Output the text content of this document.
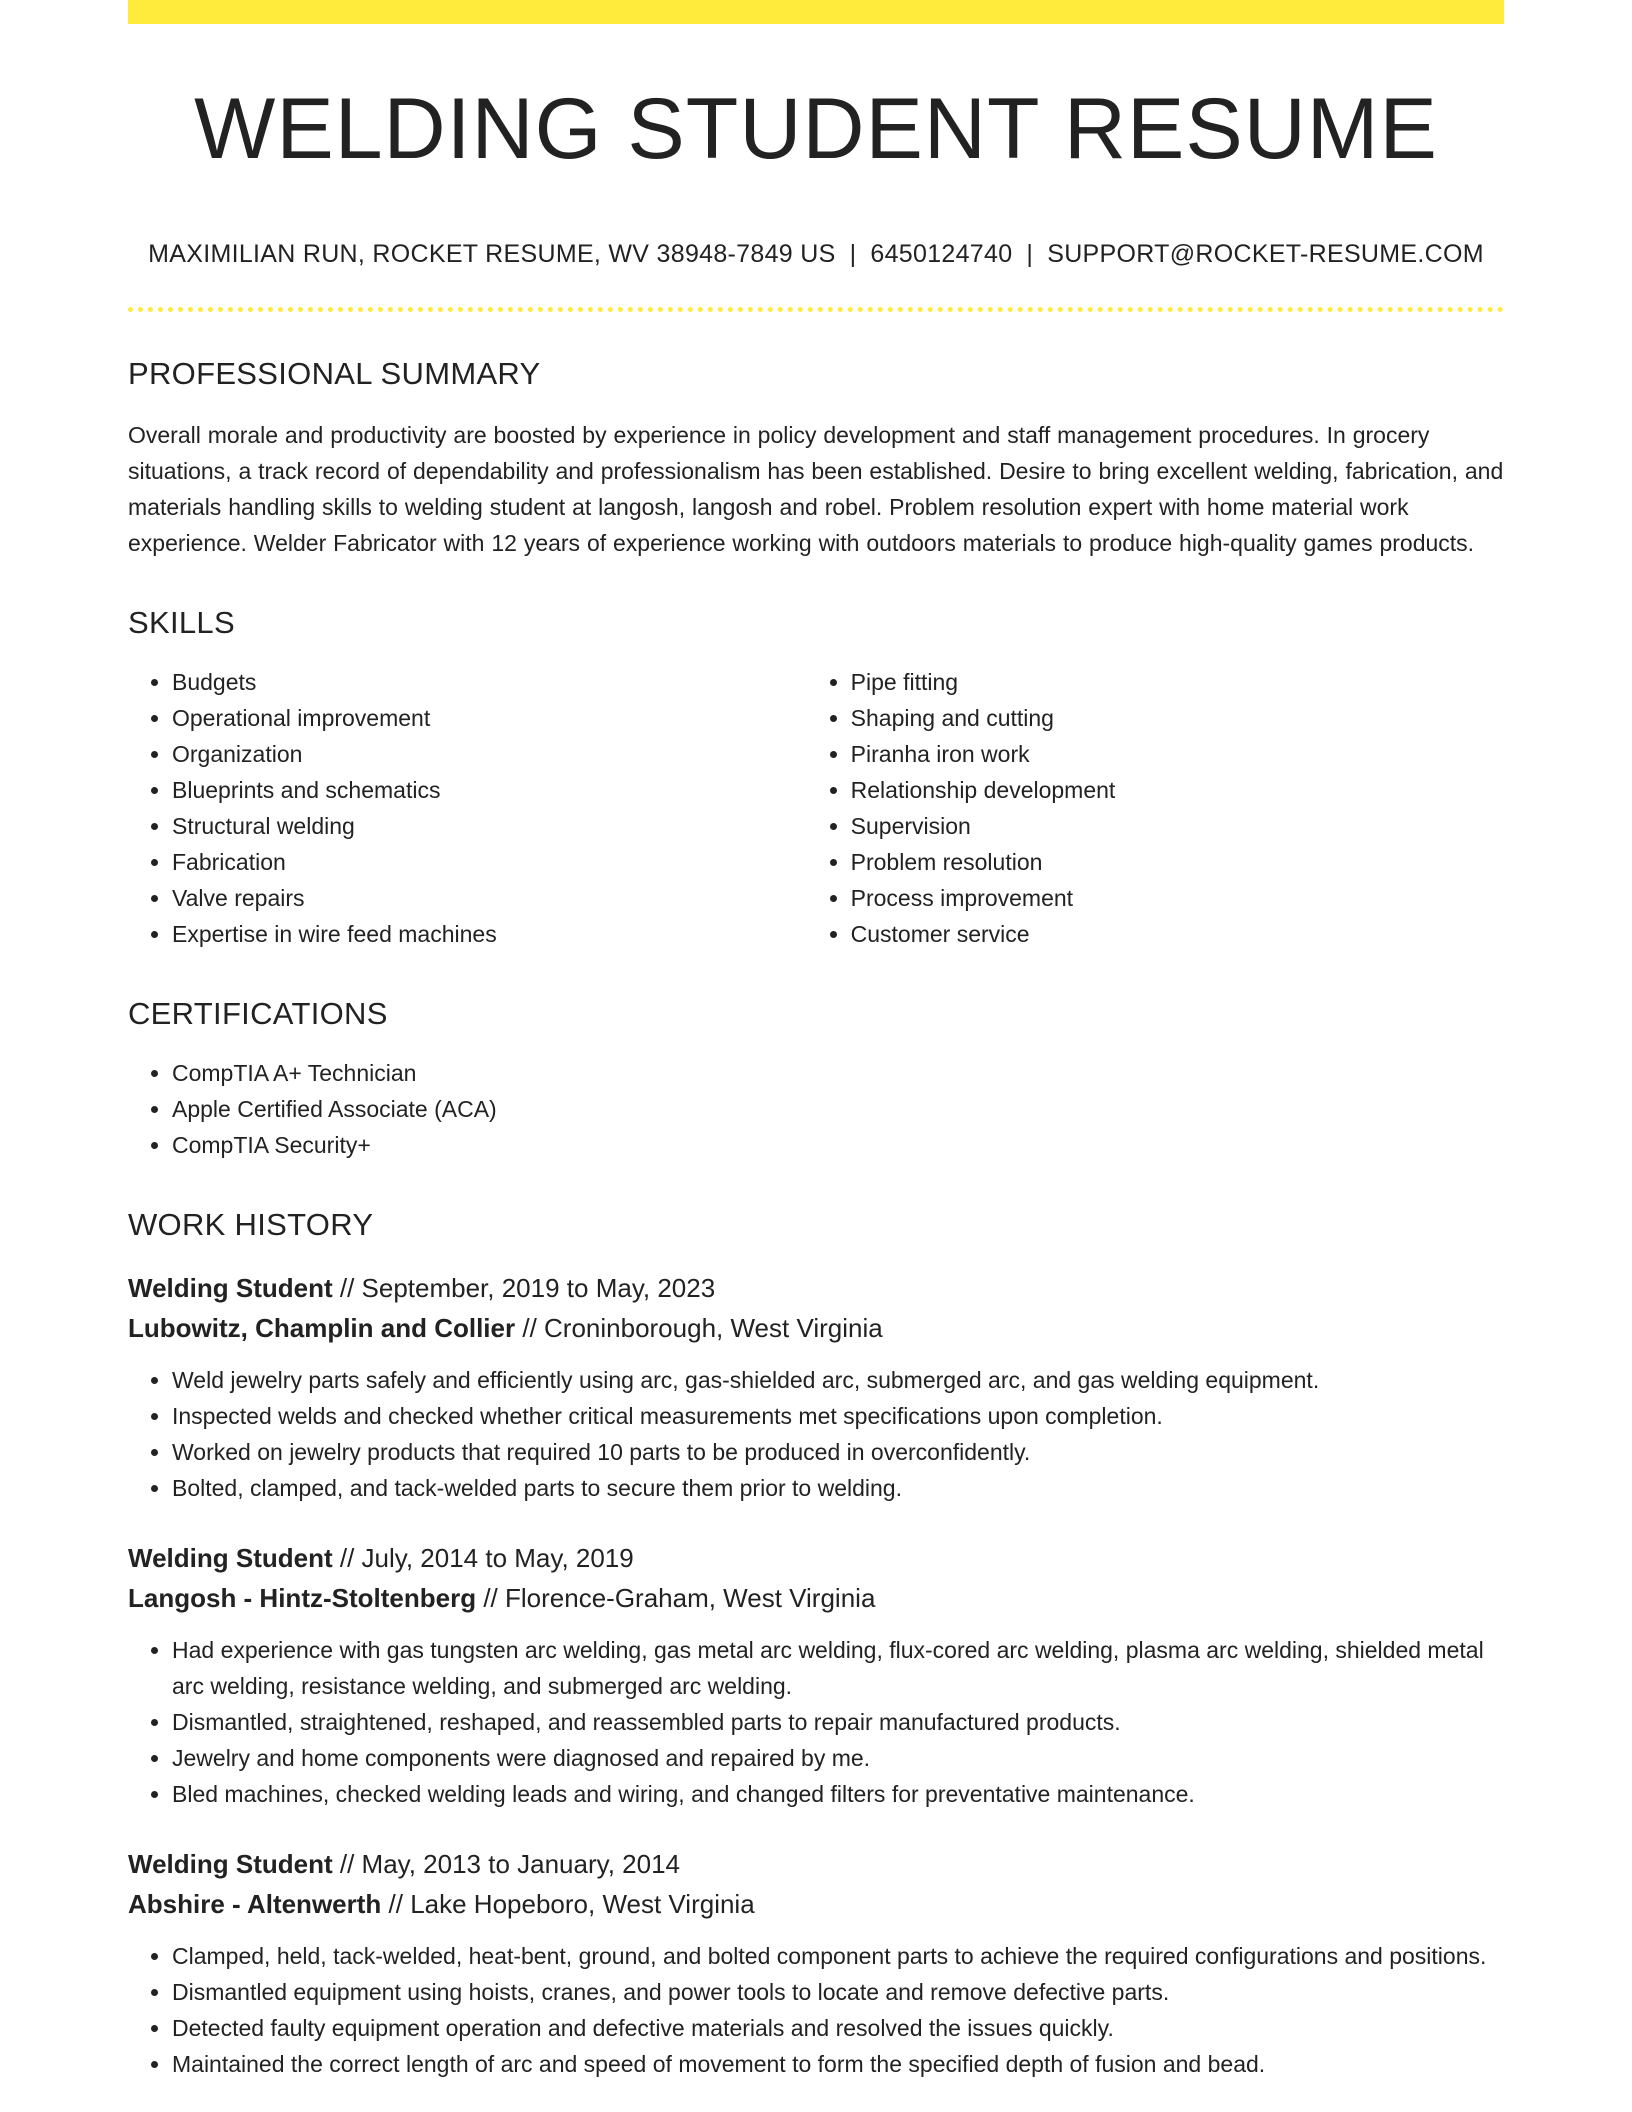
WELDING STUDENT RESUME
MAXIMILIAN RUN, ROCKET RESUME, WV 38948-7849 US | 6450124740 | SUPPORT@ROCKET-RESUME.COM
PROFESSIONAL SUMMARY
Overall morale and productivity are boosted by experience in policy development and staff management procedures. In grocery situations, a track record of dependability and professionalism has been established. Desire to bring excellent welding, fabrication, and materials handling skills to welding student at langosh, langosh and robel. Problem resolution expert with home material work experience. Welder Fabricator with 12 years of experience working with outdoors materials to produce high-quality games products.
SKILLS
• Budgets
• Operational improvement
• Organization
• Blueprints and schematics
• Structural welding
• Fabrication
• Valve repairs
• Expertise in wire feed machines
• Pipe fitting
• Shaping and cutting
• Piranha iron work
• Relationship development
• Supervision
• Problem resolution
• Process improvement
• Customer service
CERTIFICATIONS
• CompTIA A+ Technician
• Apple Certified Associate (ACA)
• CompTIA Security+
WORK HISTORY
Welding Student // September, 2019 to May, 2023
Lubowitz, Champlin and Collier // Croninborough, West Virginia
• Weld jewelry parts safely and efficiently using arc, gas-shielded arc, submerged arc, and gas welding equipment.
• Inspected welds and checked whether critical measurements met specifications upon completion.
• Worked on jewelry products that required 10 parts to be produced in overconfidently.
• Bolted, clamped, and tack-welded parts to secure them prior to welding.
Welding Student // July, 2014 to May, 2019
Langosh - Hintz-Stoltenberg // Florence-Graham, West Virginia
• Had experience with gas tungsten arc welding, gas metal arc welding, flux-cored arc welding, plasma arc welding, shielded metal arc welding, resistance welding, and submerged arc welding.
• Dismantled, straightened, reshaped, and reassembled parts to repair manufactured products.
• Jewelry and home components were diagnosed and repaired by me.
• Bled machines, checked welding leads and wiring, and changed filters for preventative maintenance.
Welding Student // May, 2013 to January, 2014
Abshire - Altenwerth // Lake Hopeboro, West Virginia
• Clamped, held, tack-welded, heat-bent, ground, and bolted component parts to achieve the required configurations and positions.
• Dismantled equipment using hoists, cranes, and power tools to locate and remove defective parts.
• Detected faulty equipment operation and defective materials and resolved the issues quickly.
• Maintained the correct length of arc and speed of movement to form the specified depth of fusion and bead.
